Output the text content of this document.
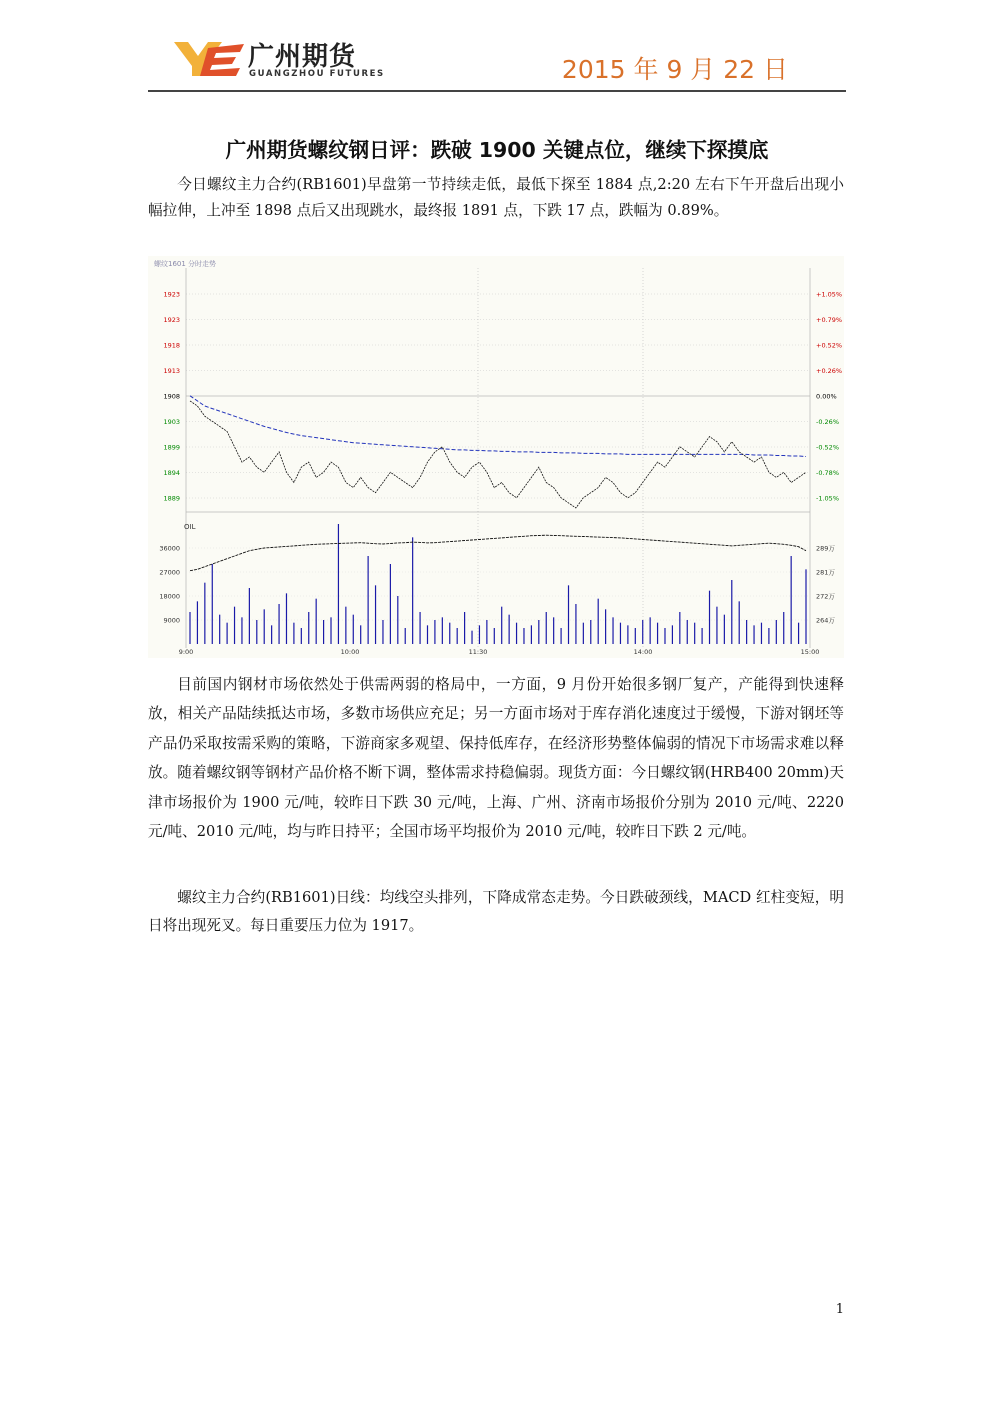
广州期货
GUANGZHOU FUTURES	2015 年 9 月 22 日
广州期货螺纹钢日评：跌破 1900 关键点位，继续下探摸底

今日螺纹主力合约(RB1601)早盘第一节持续走低，最低下探至 1884 点,2:20 左右下午开盘后出现小幅拉伸，上冲至 1898 点后又出现跳水，最终报 1891 点，下跌 17 点，跌幅为 0.89%。

螺纹1601 分时走势
1923
1923
1918
1913
1908
1903
1899
1894
1889
+1.05%
+0.79%
+0.52%
+0.26%
0.00%
-0.26%
-0.52%
-0.78%
-1.05%
OIL
36000
27000
18000
9000
289万
281万
272万
264万
9:00	10:00	11:30	14:00	15:00

目前国内钢材市场依然处于供需两弱的格局中，一方面，9 月份开始很多钢厂复产，产能得到快速释放，相关产品陆续抵达市场，多数市场供应充足；另一方面市场对于库存消化速度过于缓慢，下游对钢坯等产品仍采取按需采购的策略，下游商家多观望、保持低库存，在经济形势整体偏弱的情况下市场需求难以释放。随着螺纹钢等钢材产品价格不断下调，整体需求持稳偏弱。现货方面：今日螺纹钢(HRB400 20mm)天津市场报价为 1900 元/吨，较昨日下跌 30 元/吨，上海、广州、济南市场报价分别为 2010 元/吨、2220 元/吨、2010 元/吨，均与昨日持平；全国市场平均报价为 2010 元/吨，较昨日下跌 2 元/吨。

螺纹主力合约(RB1601)日线：均线空头排列，下降成常态走势。今日跌破颈线，MACD 红柱变短，明日将出现死叉。每日重要压力位为 1917。

1
